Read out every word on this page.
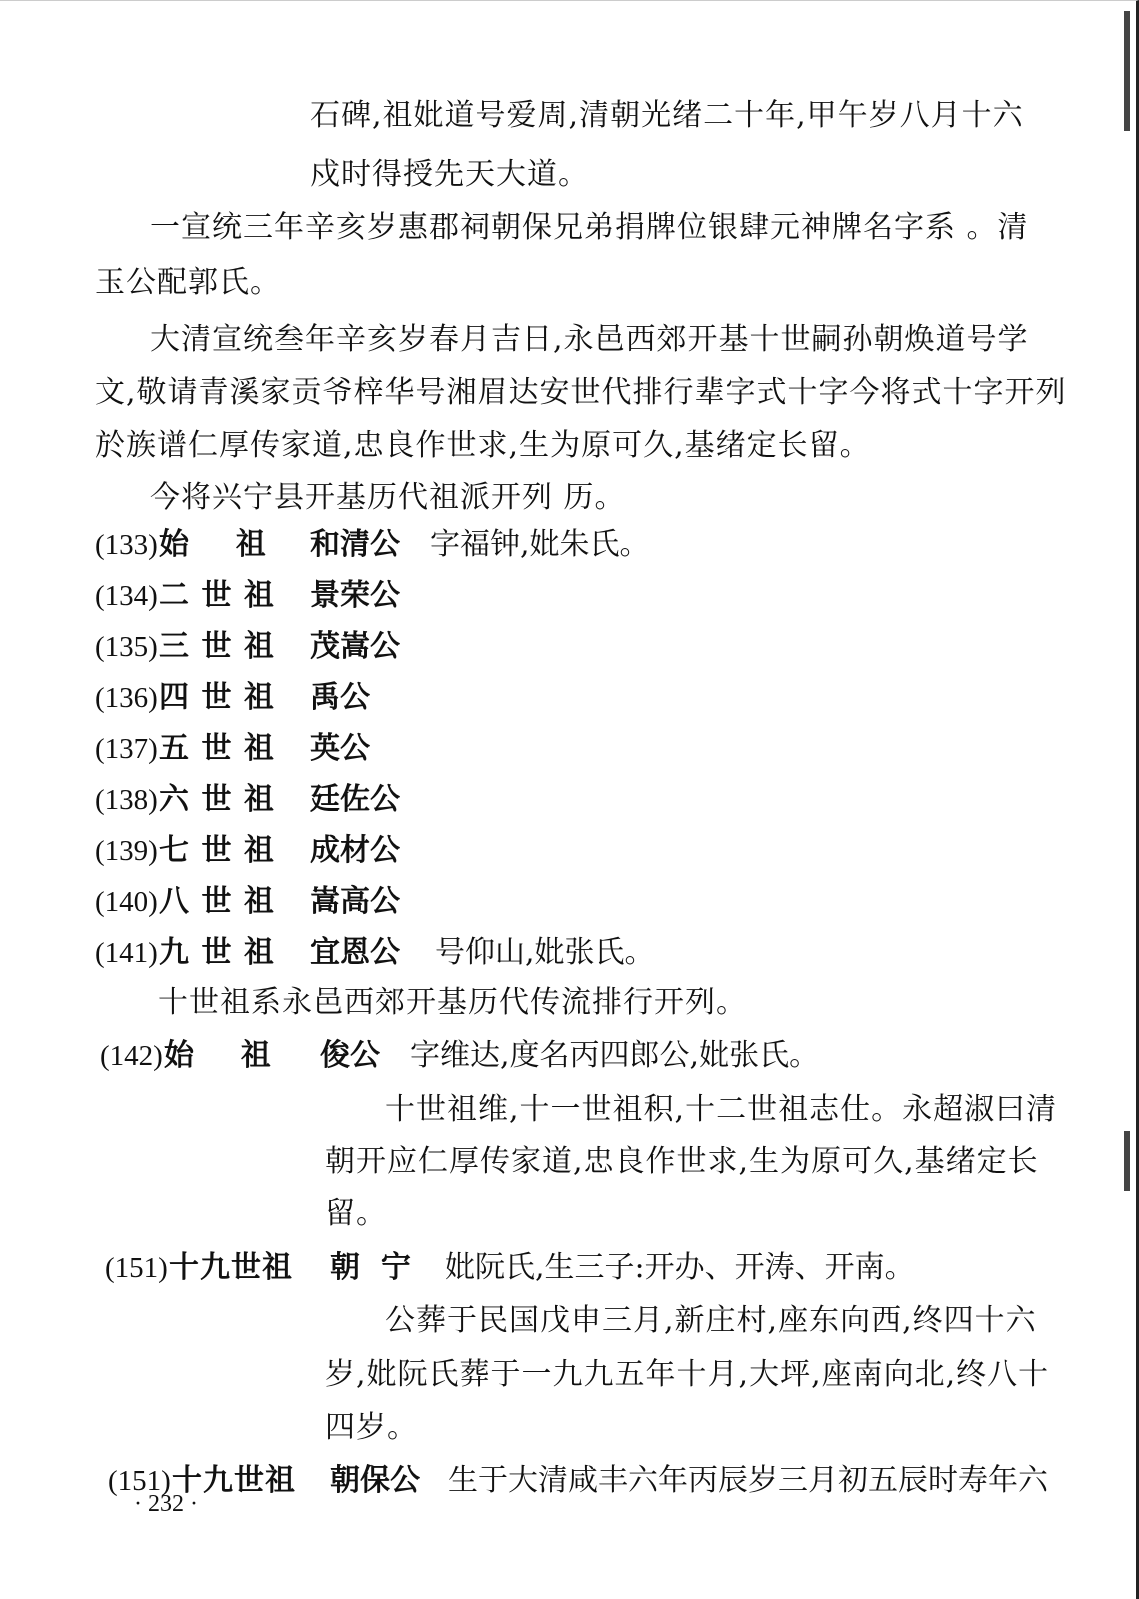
石碑,祖妣道号爱周,清朝光绪二十年,甲午岁八月十六

戍时得授先天大道。

一宣统三年辛亥岁惠郡祠朝保兄弟捐牌位银肆元神牌名字系 。清

玉公配郭氏。

大清宣统叁年辛亥岁春月吉日,永邑西郊开基十世嗣孙朝焕道号学

文,敬请青溪家贡爷梓华号湘眉达安世代排行辈字式十字今将式十字开列

於族谱仁厚传家道,忠良作世求,生为原可久,基绪定长留。

今将兴宁县开基历代祖派开列 历。

(133) 始    祖 和清公 字福钟,妣朱氏。
(134) 二 世 祖 景荣公
(135) 三 世 祖 茂嵩公
(136) 四 世 祖 禹公
(137) 五 世 祖 英公
(138) 六 世 祖 廷佐公
(139) 七 世 祖 成材公
(140) 八 世 祖 嵩高公
(141) 九 世 祖 宜恩公 号仰山,妣张氏。

十世祖系永邑西郊开基历代传流排行开列。

(142) 始    祖 俊公 字维达,度名丙四郎公,妣张氏。

十世祖维,十一世祖积,十二世祖志仕。永超淑曰清

朝开应仁厚传家道,忠良作世求,生为原可久,基绪定长

留。

(151) 十九世祖 朝  宁 妣阮氏,生三子:开办、开涛、开南。

公葬于民国戊申三月,新庄村,座东向西,终四十六

岁,妣阮氏葬于一九九五年十月,大坪,座南向北,终八十

四岁。

(151) 十九世祖 朝保公 生于大清咸丰六年丙辰岁三月初五辰时寿年六
· 232 ·
